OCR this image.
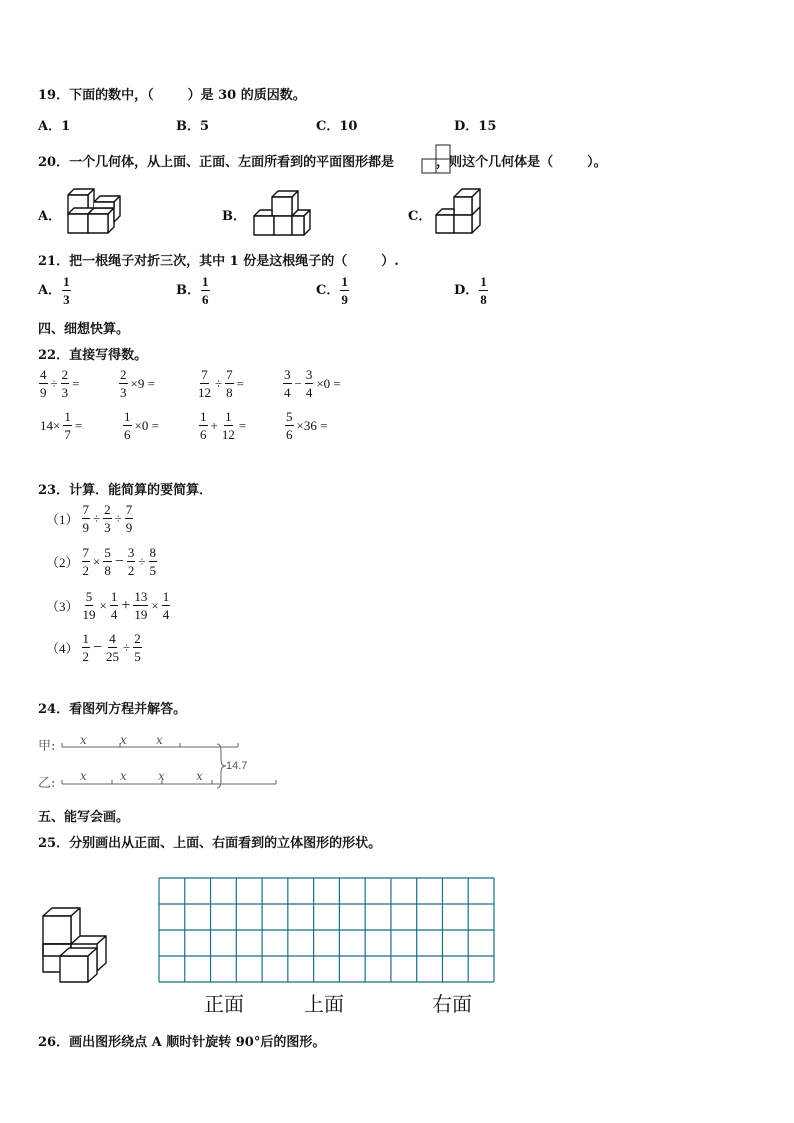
19．下面的数中，（	）是 30 的质因数。
A．1	B．5	C．10	D．15
20．一个几何体，从上面、正面、左面所看到的平面图形都是	，则这个几何体是（	）。
A．	B．	C．
21．把一根绳子对折三次，其中 1 份是这根绳子的（	）.
A． $\frac{1}{3}$	B． $\frac{1}{6}$	C． $\frac{1}{9}$	D． $\frac{1}{8}$
四、细想快算。
22．直接写得数。
$\frac{4}{9} \div \frac{2}{3}$ =	$\frac{2}{3} \times 9$ =	$\frac{7}{12} \div \frac{7}{8}$ =	$\frac{3}{4} - \frac{3}{4} \times 0$ =
$14\times \frac{1}{7}$ =	$\frac{1}{6} \times 0$ =	$\frac{1}{6} + \frac{1}{12}$ =	$\frac{5}{6} \times 36$ =
23．计算．能简算的要简算．
$(1) \frac{7}{9} \div \frac{2}{3} \div \frac{7}{9}$
$(2) \frac{7}{2} \times \frac{5}{8} - \frac{3}{2} \div \frac{8}{5}$
$(3) \frac{5}{19} \times \frac{1}{4} + \frac{13}{19} \times \frac{1}{4}$
$(4) \frac{1}{2} - \frac{4}{25} \div \frac{2}{5}$
24．看图列方程并解答。
甲:
乙:
x	x x
x	x	x	x
14.7
五、能写会画。
25．分别画出从正面、上面、右面看到的立体图形的形状。
正面	上面	右面
26．画出图形绕点 A 顺时针旋转 90°后的图形。
